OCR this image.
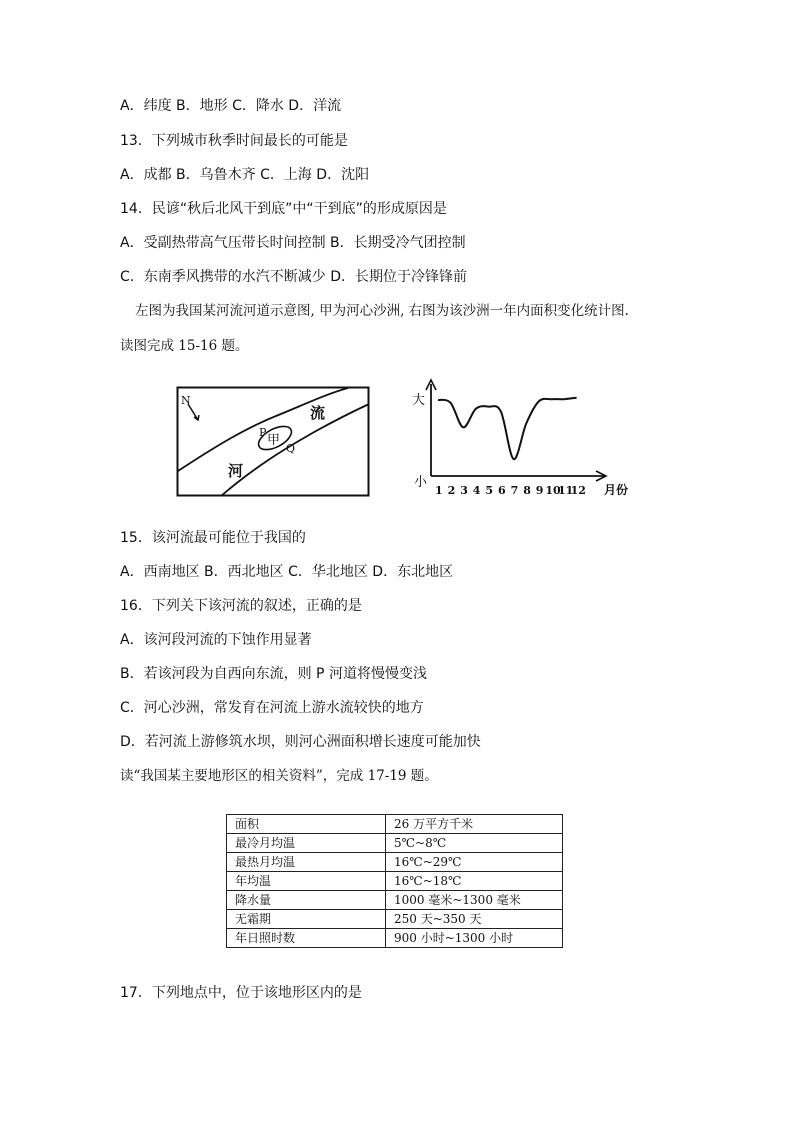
A．纬度 B．地形 C．降水 D．洋流
13．下列城市秋季时间最长的可能是
A．成都 B．乌鲁木齐 C．上海 D．沈阳
14．民谚“秋后北风干到底”中“干到底”的形成原因是
A．受副热带高气压带长时间控制 B．长期受冷气团控制
C．东南季风携带的水汽不断减少 D．长期位于冷锋锋前
左图为我国某河流河道示意图, 甲为河心沙洲, 右图为该沙洲一年内面积变化统计图.
读图完成 15-16 题。
N
P
甲
Q
流
河
大
小
1 2 3 4 5 6 7 8 9 10
11
12 月份
15．该河流最可能位于我国的
A．西南地区 B．西北地区 C．华北地区 D．东北地区
16．下列关下该河流的叙述，正确的是
A．该河段河流的下蚀作用显著
B．若该河段为自西向东流，则 P 河道将慢慢变浅
C．河心沙洲，常发育在河流上游水流较快的地方
D．若河流上游修筑水坝，则河心洲面积增长速度可能加快
读“我国某主要地形区的相关资料”，完成 17-19 题。
面积	26 万平方千米
最冷月均温	5℃~8℃
最热月均温	16℃~29℃
年均温	16℃~18℃
降水量	1000 毫米~1300 毫米
无霜期	250 天~350 天
年日照时数	900 小时~1300 小时
17．下列地点中，位于该地形区内的是
